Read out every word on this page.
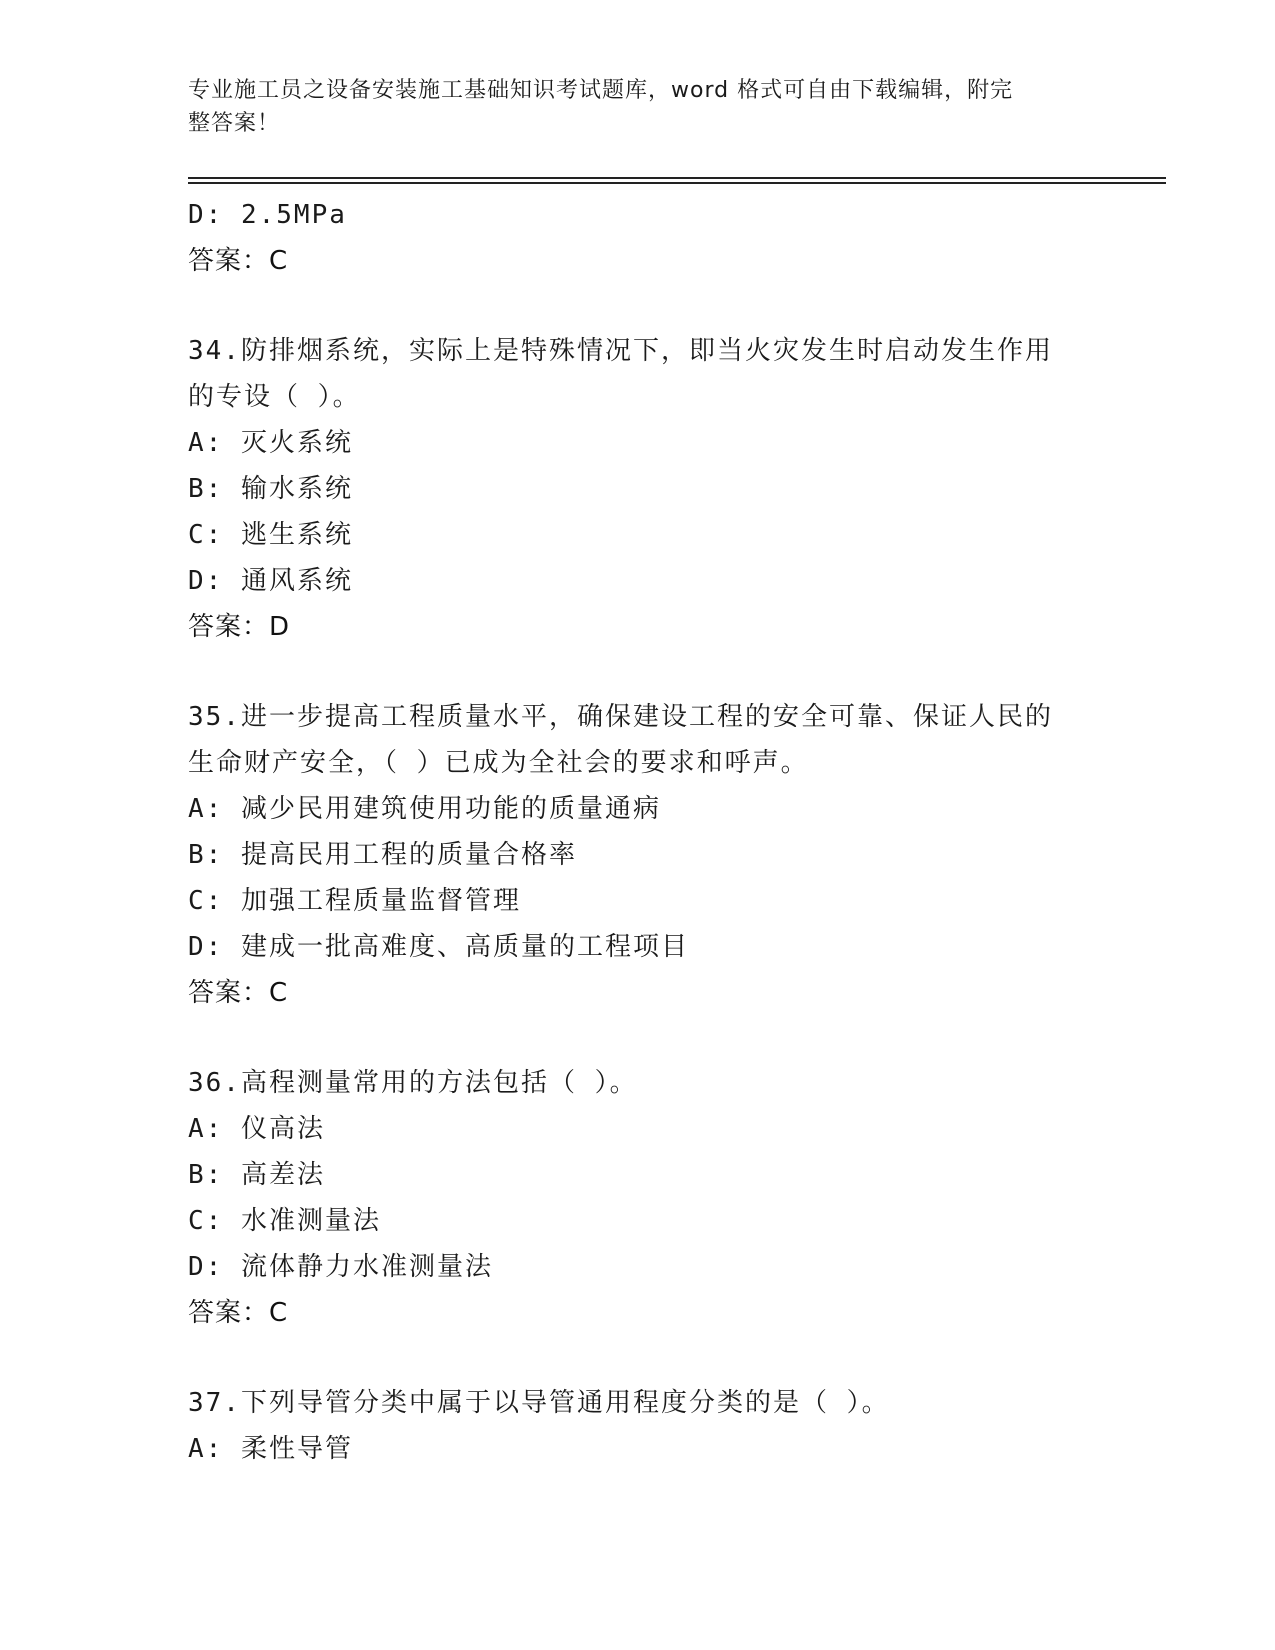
专业施工员之设备安装施工基础知识考试题库，word 格式可自由下载编辑，附完
整答案！
D: 2.5MPa
答案：C
34.防排烟系统，实际上是特殊情况下，即当火灾发生时启动发生作用
的专设（ ）。
A: 灭火系统
B: 输水系统
C: 逃生系统
D: 通风系统
答案：D
35.进一步提高工程质量水平，确保建设工程的安全可靠、保证人民的
生命财产安全，（ ）已成为全社会的要求和呼声。
A: 减少民用建筑使用功能的质量通病
B: 提高民用工程的质量合格率
C: 加强工程质量监督管理
D: 建成一批高难度、高质量的工程项目
答案：C
36.高程测量常用的方法包括（ ）。
A: 仪高法
B: 高差法
C: 水准测量法
D: 流体静力水准测量法
答案：C
37.下列导管分类中属于以导管通用程度分类的是（ ）。
A: 柔性导管
